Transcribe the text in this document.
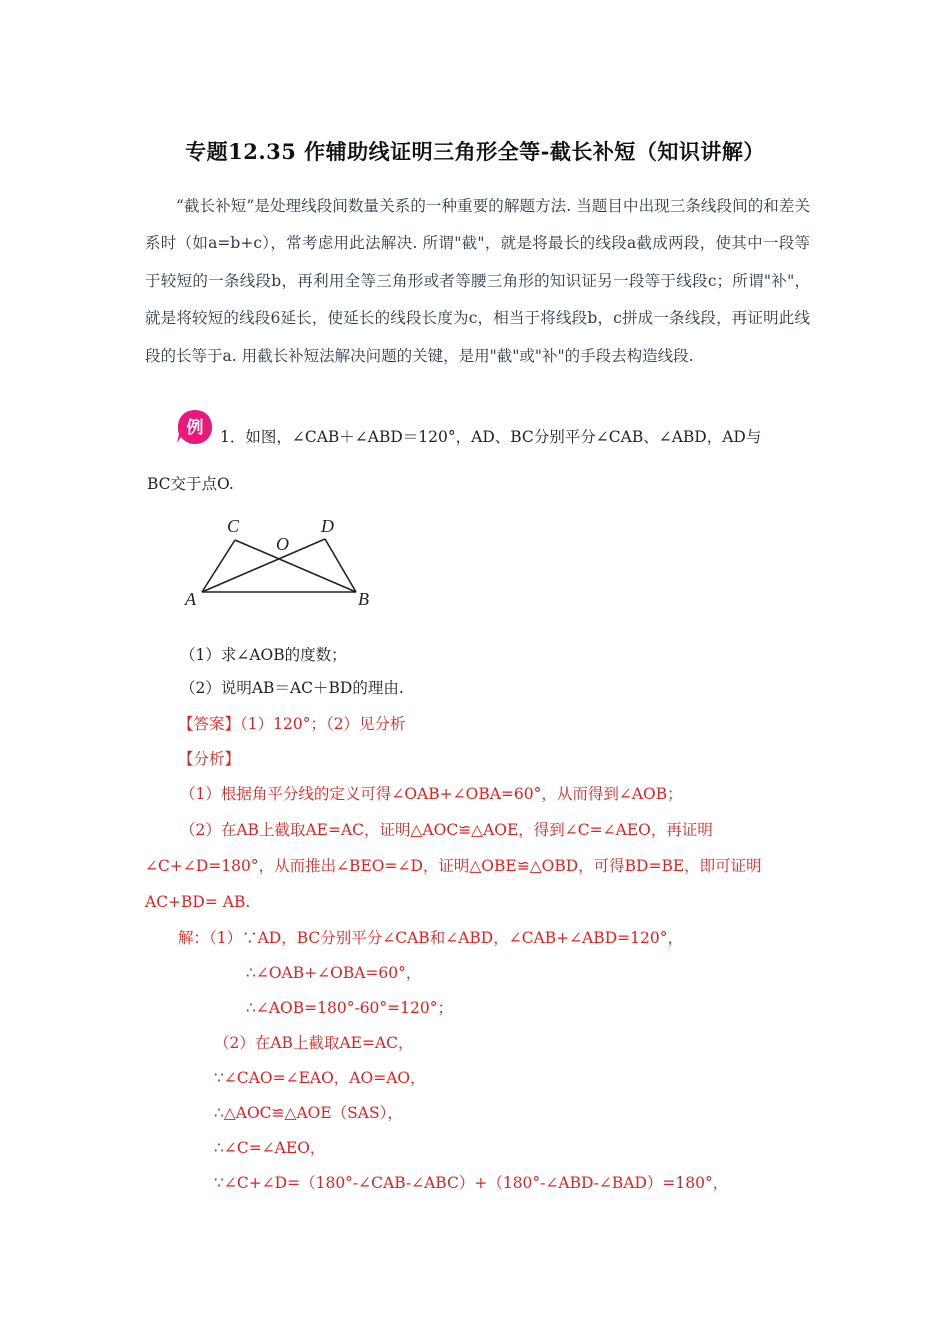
专题12.35 作辅助线证明三角形全等-截长补短（知识讲解）

“截长补短”是处理线段间数量关系的一种重要的解题方法. 当题目中出现三条线段间的和差关系时（如a=b+c），常考虑用此法解决. 所谓"截"，就是将最长的线段a截成两段，使其中一段等于较短的一条线段b，再利用全等三角形或者等腰三角形的知识证另一段等于线段c；所谓"补"，就是将较短的线段6延长，使延长的线段长度为c，相当于将线段b，c拼成一条线段，再证明此线段的长等于a. 用截长补短法解决问题的关键，是用"截"或"补"的手段去构造线段.

例 1．如图，∠CAB＋∠ABD＝120°，AD、BC分别平分∠CAB、∠ABD，AD与
BC交于点O.
A	B
C	D
O
（1）求∠AOB的度数；
（2）说明AB＝AC＋BD的理由.
【答案】（1）120°；（2）见分析
【分析】
（1）根据角平分线的定义可得∠OAB+∠OBA=60°，从而得到∠AOB；
（2）在AB上截取AE=AC，证明△AOC≌△AOE，得到∠C=∠AEO，再证明
∠C+∠D=180°，从而推出∠BEO=∠D，证明△OBE≌△OBD，可得BD=BE，即可证明
AC+BD= AB.
解：（1）∵AD，BC分别平分∠CAB和∠ABD，∠CAB+∠ABD=120°，
∴∠OAB+∠OBA=60°，
∴∠AOB=180°-60°=120°；
（2）在AB上截取AE=AC，
∵∠CAO=∠EAO，AO=AO，
∴△AOC≌△AOE（SAS），
∴∠C=∠AEO，
∵∠C+∠D=（180°-∠CAB-∠ABC）+（180°-∠ABD-∠BAD）=180°，
